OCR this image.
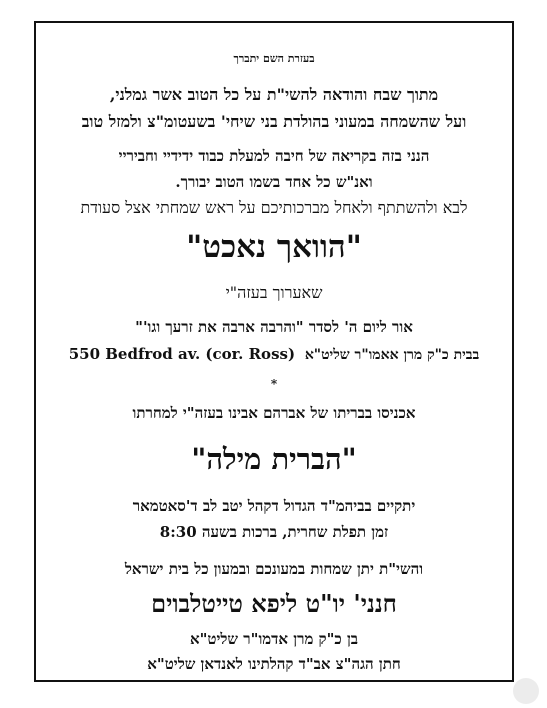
בעזרת השם יתברך
מתוך שבח והודאה להשי"ת על כל הטוב אשר גמלני,
ועל שהשמחה במעוני בהולדת בני שיחי' בשעטומ"צ ולמזל טוב
הנני בזה בקריאה של חיבה למעלת כבוד ידידיי וחביריי
ואנ"ש כל אחד בשמו הטוב יבורך.
לבא ולהשתתף ולאחל מברכותיכם על ראש שמחתי אצל סעודת
"הוואך נאכט"
שאערוך בעזה"י
אור ליום ה' לסדר "והרבה ארבה את זרעך וגו'"
בבית כ"ק מרן אאמו"ר שליט"א  550 Bedfrod av. (cor. Ross)
*
אכניסו בבריתו של אברהם אבינו בעזה"י למחרתו
"הברית מילה"
יתקיים בביהמ"ד הגדול דקהל יטב לב ד'סאטמאר
זמן תפלת שחרית, ברכות בשעה 8:30
והשי"ת יתן שמחות במעונכם ובמעון כל בית ישראל
חנני' יו"ט ליפא טייטלבוים
בן כ"ק מרן אדמו"ר שליט"א
חתן הגה"צ אב"ד קהלתינו לאנדאן שליט"א
